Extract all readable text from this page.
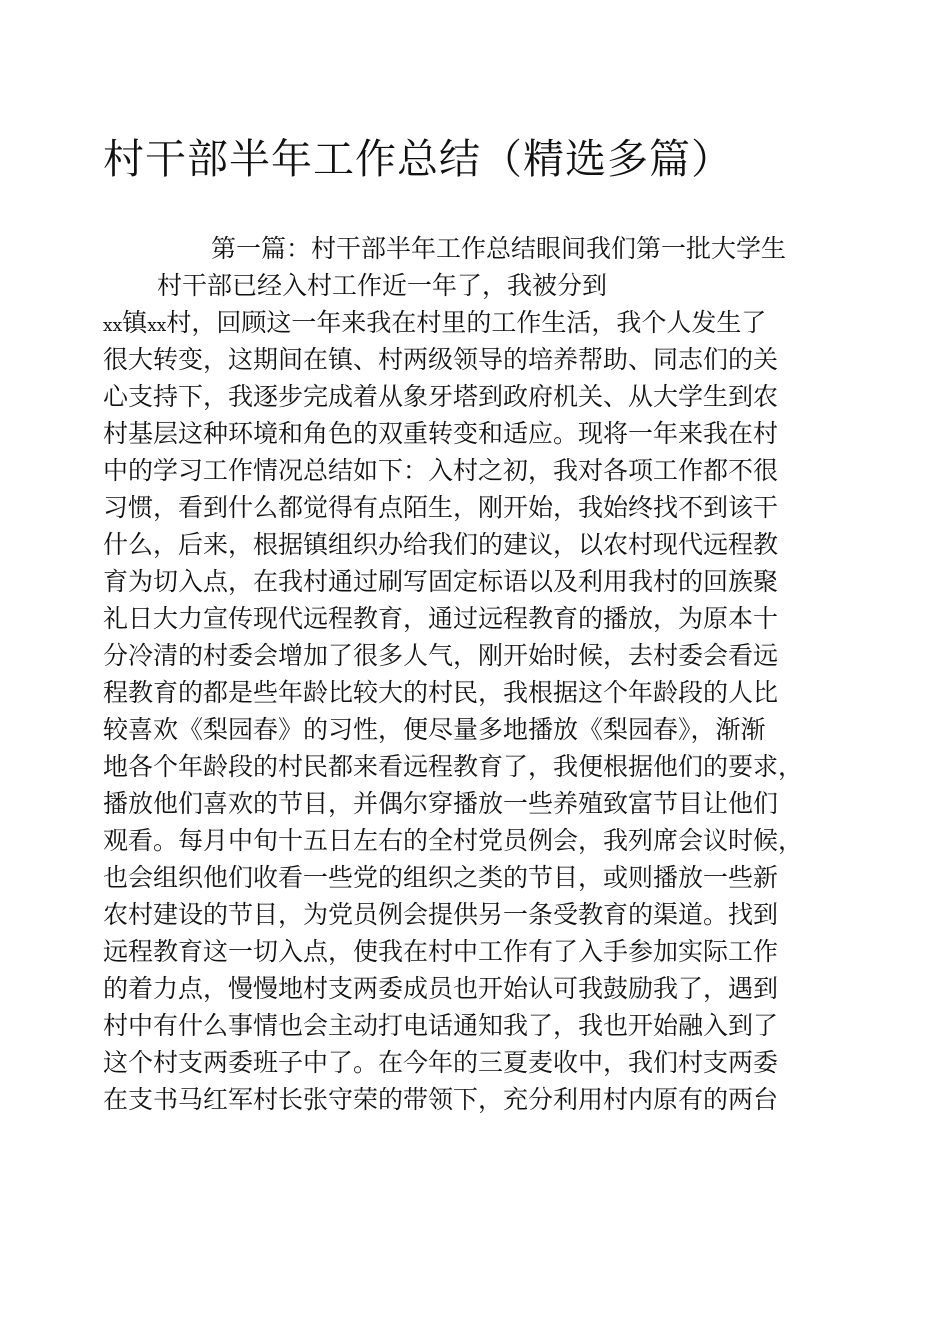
村干部半年工作总结（精选多篇）
第一篇：村干部半年工作总结眼间我们第一批大学生
村干部已经入村工作近一年了，我被分到
xx镇xx村，回顾这一年来我在村里的工作生活，我个人发生了
很大转变，这期间在镇、村两级领导的培养帮助、同志们的关
心支持下，我逐步完成着从象牙塔到政府机关、从大学生到农
村基层这种环境和角色的双重转变和适应。现将一年来我在村
中的学习工作情况总结如下：入村之初，我对各项工作都不很
习惯，看到什么都觉得有点陌生，刚开始，我始终找不到该干
什么，后来，根据镇组织办给我们的建议，以农村现代远程教
育为切入点，在我村通过刷写固定标语以及利用我村的回族聚
礼日大力宣传现代远程教育，通过远程教育的播放，为原本十
分冷清的村委会增加了很多人气，刚开始时候，去村委会看远
程教育的都是些年龄比较大的村民，我根据这个年龄段的人比
较喜欢《梨园春》的习性，便尽量多地播放《梨园春》，渐渐
地各个年龄段的村民都来看远程教育了，我便根据他们的要求，
播放他们喜欢的节目，并偶尔穿播放一些养殖致富节目让他们
观看。每月中旬十五日左右的全村党员例会，我列席会议时候，
也会组织他们收看一些党的组织之类的节目，或则播放一些新
农村建设的节目，为党员例会提供另一条受教育的渠道。找到
远程教育这一切入点，使我在村中工作有了入手参加实际工作
的着力点，慢慢地村支两委成员也开始认可我鼓励我了，遇到
村中有什么事情也会主动打电话通知我了，我也开始融入到了
这个村支两委班子中了。在今年的三夏麦收中，我们村支两委
在支书马红军村长张守荣的带领下，充分利用村内原有的两台
